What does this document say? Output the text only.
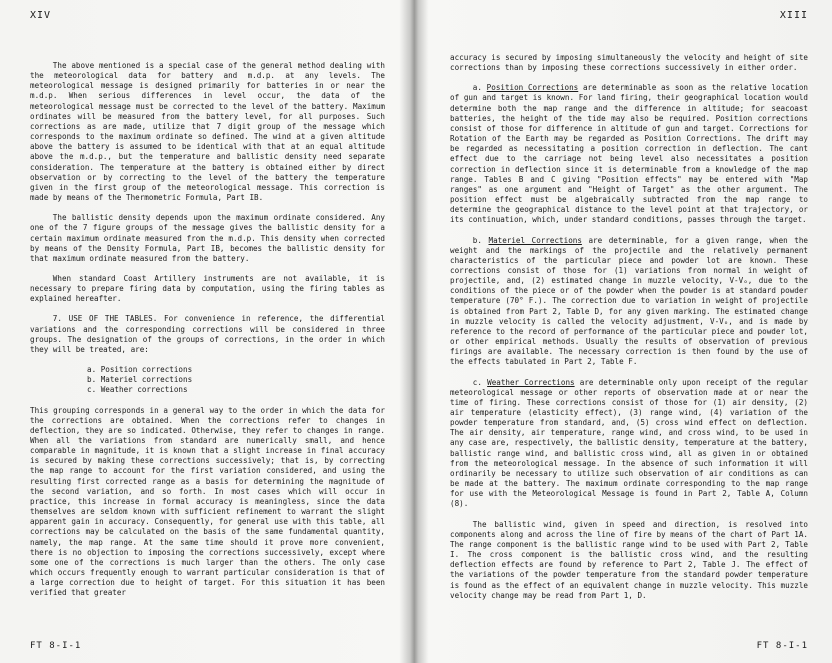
XIV

The above mentioned is a special case of the general method dealing with the meteorological data for battery and m.d.p. at any levels. The meteorological message is designed primarily for batteries in or near the m.d.p. When serious differences in level occur, the data of the meteorological message must be corrected to the level of the battery. Maximum ordinates will be measured from the battery level, for all purposes. Such corrections as are made, utilize that 7 digit group of the message which corresponds to the maximum ordinate so defined. The wind at a given altitude above the battery is assumed to be identical with that at an equal altitude above the m.d.p., but the temperature and ballistic density need separate consideration. The temperature at the battery is obtained either by direct observation or by correcting to the level of the battery the temperature given in the first group of the meteorological message. This correction is made by means of the Thermometric Formula, Part IB.

The ballistic density depends upon the maximum ordinate considered. Any one of the 7 figure groups of the message gives the ballistic density for a certain maximum ordinate measured from the m.d.p. This density when corrected by means of the Density Formula, Part IB, becomes the ballistic density for that maximum ordinate measured from the battery.

When standard Coast Artillery instruments are not available, it is necessary to prepare firing data by computation, using the firing tables as explained hereafter.

7. USE OF THE TABLES. For convenience in reference, the differential variations and the corresponding corrections will be considered in three groups. The designation of the groups of corrections, in the order in which they will be treated, are:

a. Position corrections
b. Materiel corrections
c. Weather corrections

This grouping corresponds in a general way to the order in which the data for the corrections are obtained. When the corrections refer to changes in deflection, they are so indicated. Otherwise, they refer to changes in range. When all the variations from standard are numerically small, and hence comparable in magnitude, it is known that a slight increase in final accuracy is secured by making these corrections successively; that is, by correcting the map range to account for the first variation considered, and using the resulting first corrected range as a basis for determining the magnitude of the second variation, and so forth. In most cases which will occur in practice, this increase in formal accuracy is meaningless, since the data themselves are seldom known with sufficient refinement to warrant the slight apparent gain in accuracy. Consequently, for general use with this table, all corrections may be calculated on the basis of the same fundamental quantity, namely, the map range. At the same time should it prove more convenient, there is no objection to imposing the corrections successively, except where some one of the corrections is much larger than the others. The only case which occurs frequently enough to warrant particular consideration is that of a large correction due to height of target. For this situation it has been verified that greater

FT 8-I-1
XIII

accuracy is secured by imposing simultaneously the velocity and height of site corrections than by imposing these corrections successively in either order.

a. Position Corrections are determinable as soon as the relative location of gun and target is known. For land firing, their geographical location would determine both the map range and the difference in altitude; for seacoast batteries, the height of the tide may also be required. Position corrections consist of those for difference in altitude of gun and target. Corrections for Rotation of the Earth may be regarded as Position Corrections. The drift may be regarded as necessitating a position correction in deflection. The cant effect due to the carriage not being level also necessitates a position correction in deflection since it is determinable from a knowledge of the map range. Tables B and C giving "Position effects" may be entered with "Map ranges" as one argument and "Height of Target" as the other argument. The position effect must be algebraically subtracted from the map range to determine the geographical distance to the level point at that trajectory, or its continuation, which, under standard conditions, passes through the target.

b. Materiel Corrections are determinable, for a given range, when the weight and the markings of the projectile and the relatively permanent characteristics of the particular piece and powder lot are known. These corrections consist of those for (1) variations from normal in weight of projectile, and, (2) estimated change in muzzle velocity, V-Vₒ, due to the conditions of the piece or of the powder when the powder is at standard powder temperature (70° F.). The correction due to variation in weight of projectile is obtained from Part 2, Table D, for any given marking. The estimated change in muzzle velocity is called the velocity adjustment, V-Vₒ, and is made by reference to the record of performance of the particular piece and powder lot, or other empirical methods. Usually the results of observation of previous firings are available. The necessary correction is then found by the use of the effects tabulated in Part 2, Table F.

c. Weather Corrections are determinable only upon receipt of the regular meteorological message or other reports of observation made at or near the time of firing. These corrections consist of those for (1) air density, (2) air temperature (elasticity effect), (3) range wind, (4) variation of the powder temperature from standard, and, (5) cross wind effect on deflection. The air density, air temperature, range wind, and cross wind, to be used in any case are, respectively, the ballistic density, temperature at the battery, ballistic range wind, and ballistic cross wind, all as given in or obtained from the meteorological message. In the absence of such information it will ordinarily be necessary to utilize such observation of air conditions as can be made at the battery. The maximum ordinate corresponding to the map range for use with the Meteorological Message is found in Part 2, Table A, Column (8).

The ballistic wind, given in speed and direction, is resolved into components along and across the line of fire by means of the chart of Part 1A. The range component is the ballistic range wind to be used with Part 2, Table I. The cross component is the ballistic cross wind, and the resulting deflection effects are found by reference to Part 2, Table J. The effect of the variations of the powder temperature from the standard powder temperature is found as the effect of an equivalent change in muzzle velocity. This muzzle velocity change may be read from Part 1, D.

FT 8-I-1
